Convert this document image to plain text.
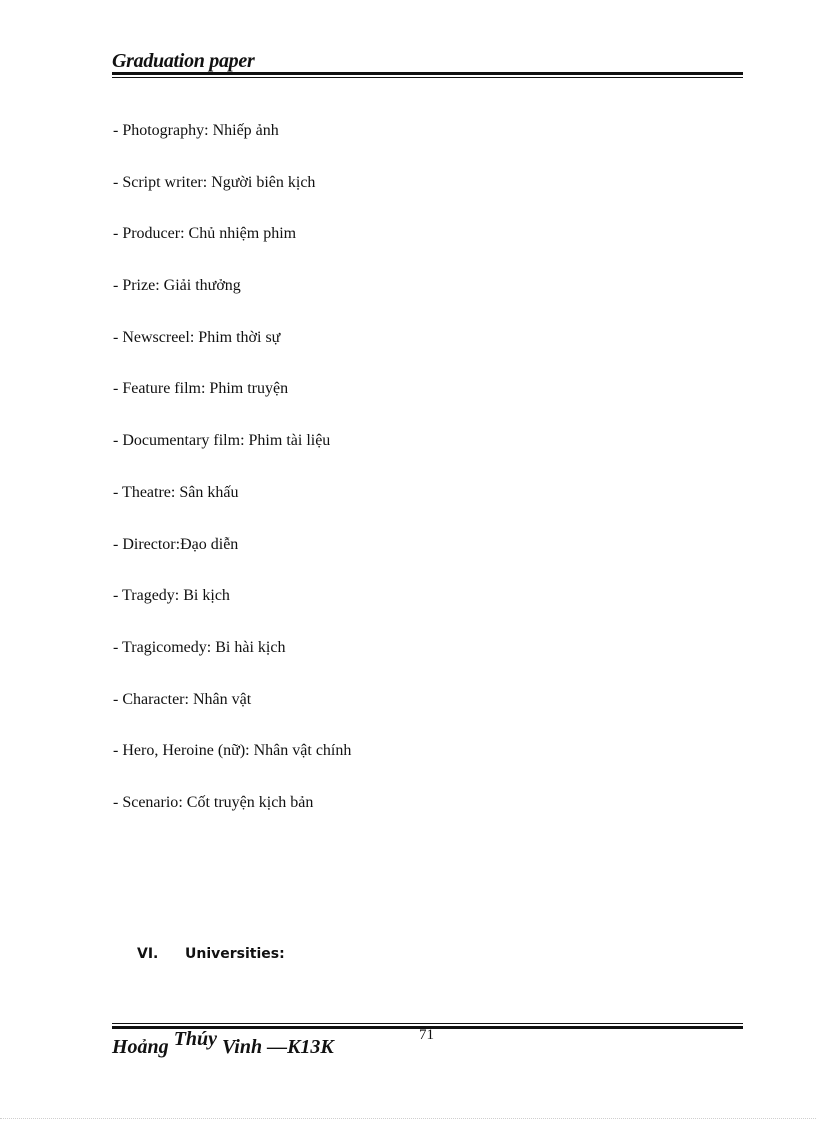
Graduation paper
- Photography: Nhiếp ảnh
- Script writer: Người biên kịch
- Producer: Chủ nhiệm phim
- Prize: Giải thưởng
- Newscreel: Phim thời sự
- Feature film: Phim truyện
- Documentary film: Phim tài liệu
- Theatre: Sân khấu
- Director:Đạo diễn
- Tragedy: Bi kịch
- Tragicomedy: Bi hài kịch
- Character: Nhân vật
- Hero, Heroine (nữ): Nhân vật chính
- Scenario: Cốt truyện kịch bản
VI. Universities:
71
Hoảng Thúy Vinh —K13K
